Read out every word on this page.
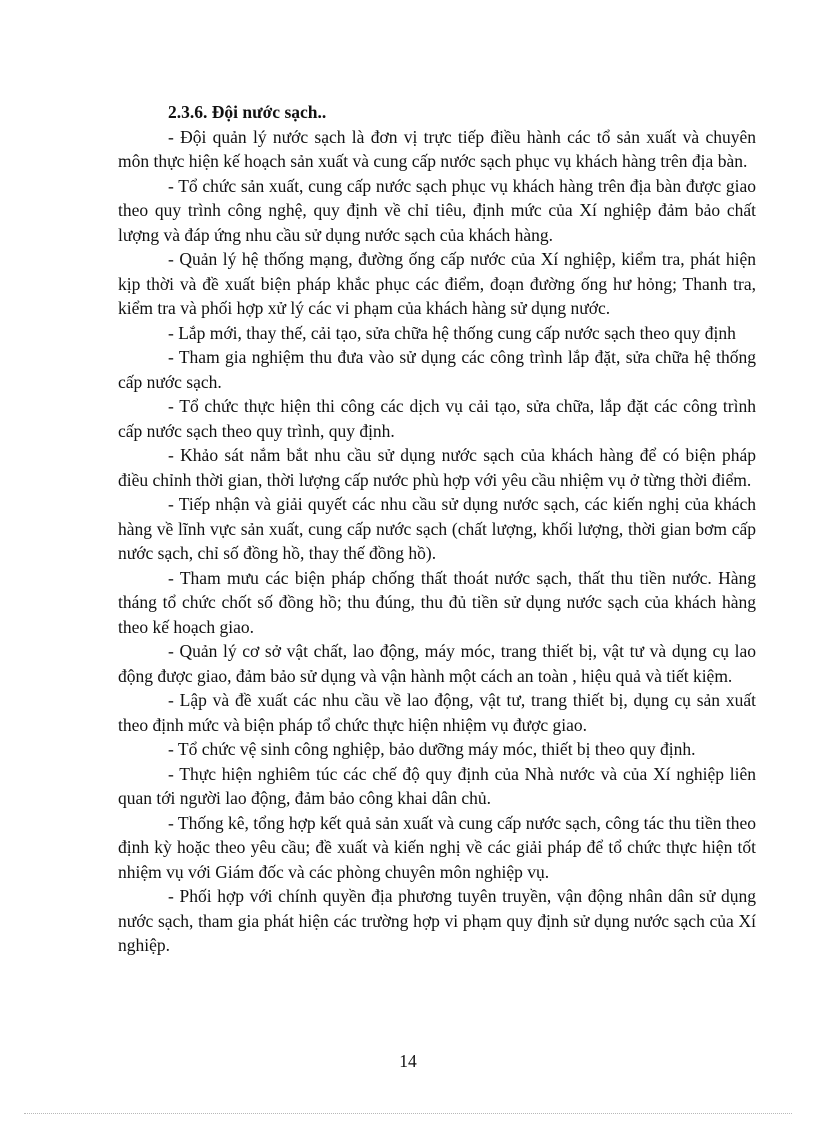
2.3.6. Đội nước sạch..

- Đội quản lý nước sạch là đơn vị trực tiếp điều hành các tổ sản xuất và chuyên môn thực hiện kế hoạch sản xuất và cung cấp nước sạch phục vụ khách hàng trên địa bàn.

- Tổ chức sản xuất, cung cấp nước sạch phục vụ khách hàng trên địa bàn được giao theo quy trình công nghệ, quy định về chỉ tiêu, định mức của Xí nghiệp đảm bảo chất lượng và đáp ứng nhu cầu sử dụng nước sạch của khách hàng.

- Quản lý hệ thống mạng, đường ống cấp nước của Xí nghiệp, kiểm tra, phát hiện kịp thời và đề xuất biện pháp khắc phục các điểm, đoạn đường ống hư hỏng; Thanh tra, kiểm tra và phối hợp xử lý các vi phạm của khách hàng sử dụng nước.

- Lắp mới, thay thế, cải tạo, sửa chữa hệ thống cung cấp nước sạch theo quy định

- Tham gia nghiệm thu đưa vào sử dụng các công trình lắp đặt, sửa chữa hệ thống cấp nước sạch.

- Tổ chức thực hiện thi công các dịch vụ cải tạo, sửa chữa, lắp đặt các công trình cấp nước sạch theo quy trình, quy định.

- Khảo sát nắm bắt nhu cầu sử dụng nước sạch của khách hàng để có biện pháp điều chỉnh thời gian, thời lượng cấp nước phù hợp với yêu cầu nhiệm vụ ở từng thời điểm.

- Tiếp nhận và giải quyết các nhu cầu sử dụng nước sạch, các kiến nghị của khách hàng về lĩnh vực sản xuất, cung cấp nước sạch (chất lượng, khối lượng, thời gian bơm cấp nước sạch, chỉ số đồng hồ, thay thế đồng hồ).

- Tham mưu các biện pháp chống thất thoát nước sạch, thất thu tiền nước. Hàng tháng tổ chức chốt số đồng hồ; thu đúng, thu đủ tiền sử dụng nước sạch của khách hàng theo kế hoạch giao.

- Quản lý cơ sở vật chất, lao động, máy móc, trang thiết bị, vật tư và dụng cụ lao động được giao, đảm bảo sử dụng và vận hành một cách an toàn , hiệu quả và tiết kiệm.

- Lập và đề xuất các nhu cầu về lao động, vật tư, trang thiết bị, dụng cụ sản xuất theo định mức và biện pháp tổ chức thực hiện nhiệm vụ được giao.

- Tổ chức vệ sinh công nghiệp, bảo dưỡng máy móc, thiết bị theo quy định.

- Thực hiện nghiêm túc các chế độ quy định của Nhà nước và của Xí nghiệp liên quan tới người lao động, đảm bảo công khai dân chủ.

- Thống kê, tổng hợp kết quả sản xuất và cung cấp nước sạch, công tác thu tiền theo định kỳ hoặc theo yêu cầu; đề xuất và kiến nghị về các giải pháp để tổ chức thực hiện tốt nhiệm vụ với Giám đốc và các phòng chuyên môn nghiệp vụ.

- Phối hợp với chính quyền địa phương tuyên truyền, vận động nhân dân sử dụng nước sạch, tham gia phát hiện các trường hợp vi phạm quy định sử dụng nước sạch của Xí nghiệp.

14
